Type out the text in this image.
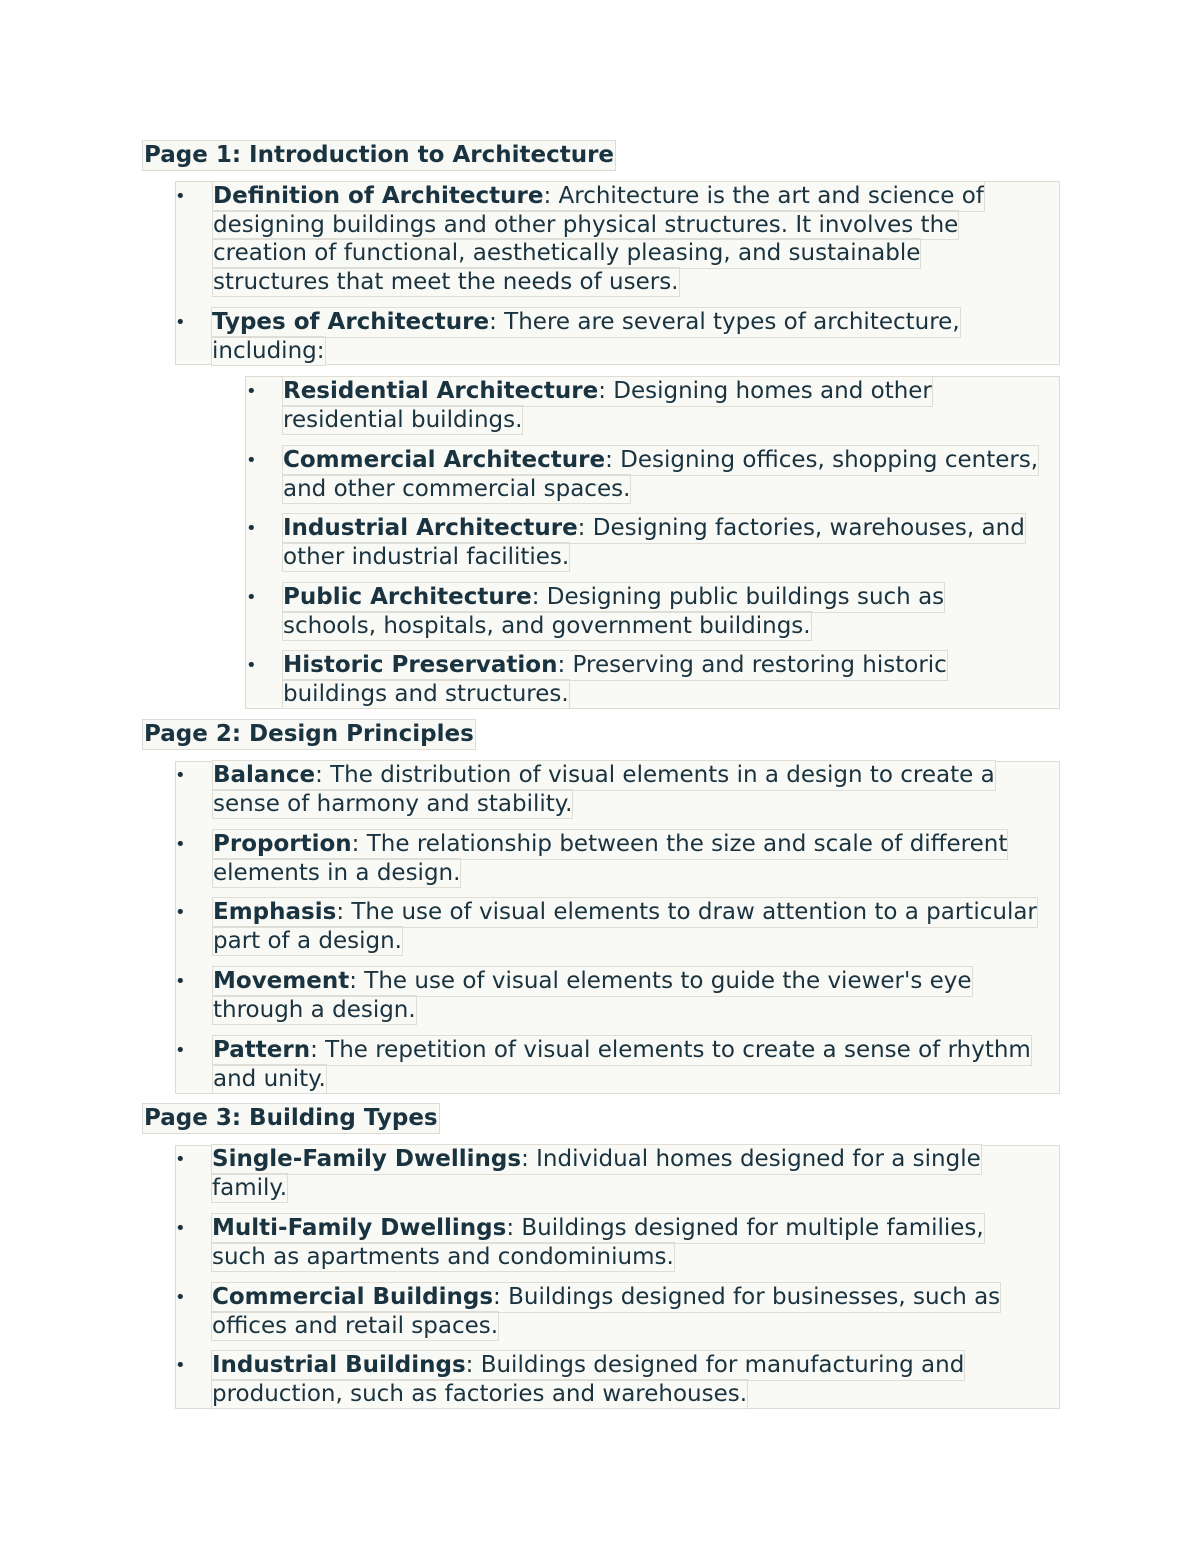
Page 1: Introduction to Architecture
• Definition of Architecture: Architecture is the art and science of
designing buildings and other physical structures. It involves the
creation of functional, aesthetically pleasing, and sustainable
structures that meet the needs of users.
• Types of Architecture: There are several types of architecture,
including:
• Residential Architecture: Designing homes and other
residential buildings.
• Commercial Architecture: Designing offices, shopping centers,
and other commercial spaces.
• Industrial Architecture: Designing factories, warehouses, and
other industrial facilities.
• Public Architecture: Designing public buildings such as
schools, hospitals, and government buildings.
• Historic Preservation: Preserving and restoring historic
buildings and structures.
Page 2: Design Principles
• Balance: The distribution of visual elements in a design to create a
sense of harmony and stability.
• Proportion: The relationship between the size and scale of different
elements in a design.
• Emphasis: The use of visual elements to draw attention to a particular
part of a design.
• Movement: The use of visual elements to guide the viewer's eye
through a design.
• Pattern: The repetition of visual elements to create a sense of rhythm
and unity.
Page 3: Building Types
• Single-Family Dwellings: Individual homes designed for a single
family.
• Multi-Family Dwellings: Buildings designed for multiple families,
such as apartments and condominiums.
• Commercial Buildings: Buildings designed for businesses, such as
offices and retail spaces.
• Industrial Buildings: Buildings designed for manufacturing and
production, such as factories and warehouses.
